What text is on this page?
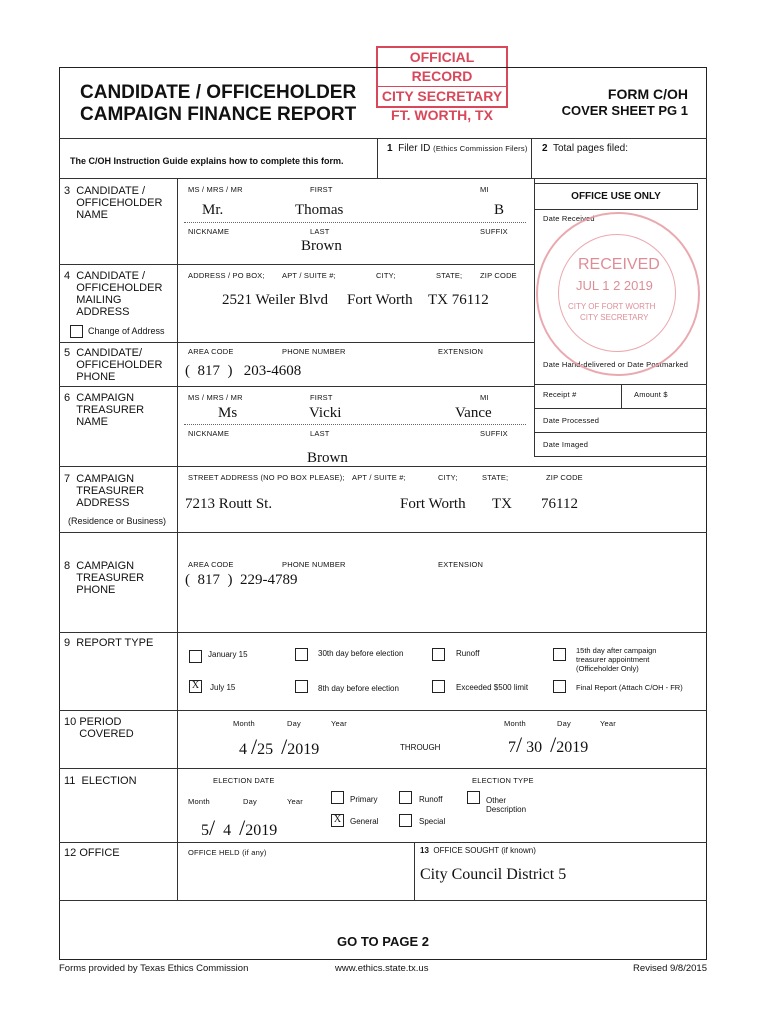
OFFICIAL RECORD
CITY SECRETARY
FT. WORTH, TX
CANDIDATE / OFFICEHOLDER
CAMPAIGN FINANCE REPORT
FORM C/OH
COVER SHEET PG 1
1 Filer ID (Ethics Commission Filers) 2 Total pages filed:
The C/OH Instruction Guide explains how to complete this form.
OFFICE USE ONLY
Date Received
Date Hand-delivered or Date Postmarked
Receipt #	Amount $
Date Processed
Date Imaged
RECEIVED
JUL 1 2 2019
CITY OF FORT WORTH
CITY SECRETARY
3 CANDIDATE /
OFFICEHOLDER
NAME
MS / MRS / MR	FIRST	MI
Mr.	Thomas	B
NICKNAME	LAST	SUFFIX
Brown
4 CANDIDATE /
OFFICEHOLDER
MAILING
ADDRESS
ADDRESS / PO BOX; APT / SUITE #;	CITY;	STATE; ZIP CODE
2521 Weiler Blvd Fort Worth TX 76112
Change of Address
5 CANDIDATE/
OFFICEHOLDER
PHONE
AREA CODE	PHONE NUMBER	EXTENSION
(  817  )   203-4608
6 CAMPAIGN
TREASURER
NAME
MS / MRS / MR	FIRST	MI
Ms	Vicki	Vance
NICKNAME	LAST	SUFFIX
Brown
7 CAMPAIGN
TREASURER
ADDRESS
(Residence or Business)
STREET ADDRESS (NO PO BOX PLEASE); APT / SUITE #;	CITY;	STATE;	ZIP CODE
7213 Routt St.	Fort Worth TX 76112
8 CAMPAIGN
TREASURER
PHONE
AREA CODE	PHONE NUMBER	EXTENSION
(  817  )  229-4789
9 REPORT TYPE
January 15
X	July 15
30th day before election
8th day before election
Runoff
Exceeded $500 limit
15th day after campaign
treasurer appointment
(Officeholder Only)
Final Report (Attach C/OH - FR)
10 PERIOD
COVERED
Month	Day	Year	Month	Day	Year
4 /25 /2019	THROUGH	7/ 30 /2019
11 ELECTION	ELECTION DATE	ELECTION TYPE
Month	Day	Year
5/ 4 /2019
Primary
X	General
Runoff
Special
Other
Description
12 OFFICE	OFFICE HELD (if any)	13 OFFICE SOUGHT (if known)
City Council District 5
GO TO PAGE 2
Forms provided by Texas Ethics Commission	www.ethics.state.tx.us	Revised 9/8/2015
